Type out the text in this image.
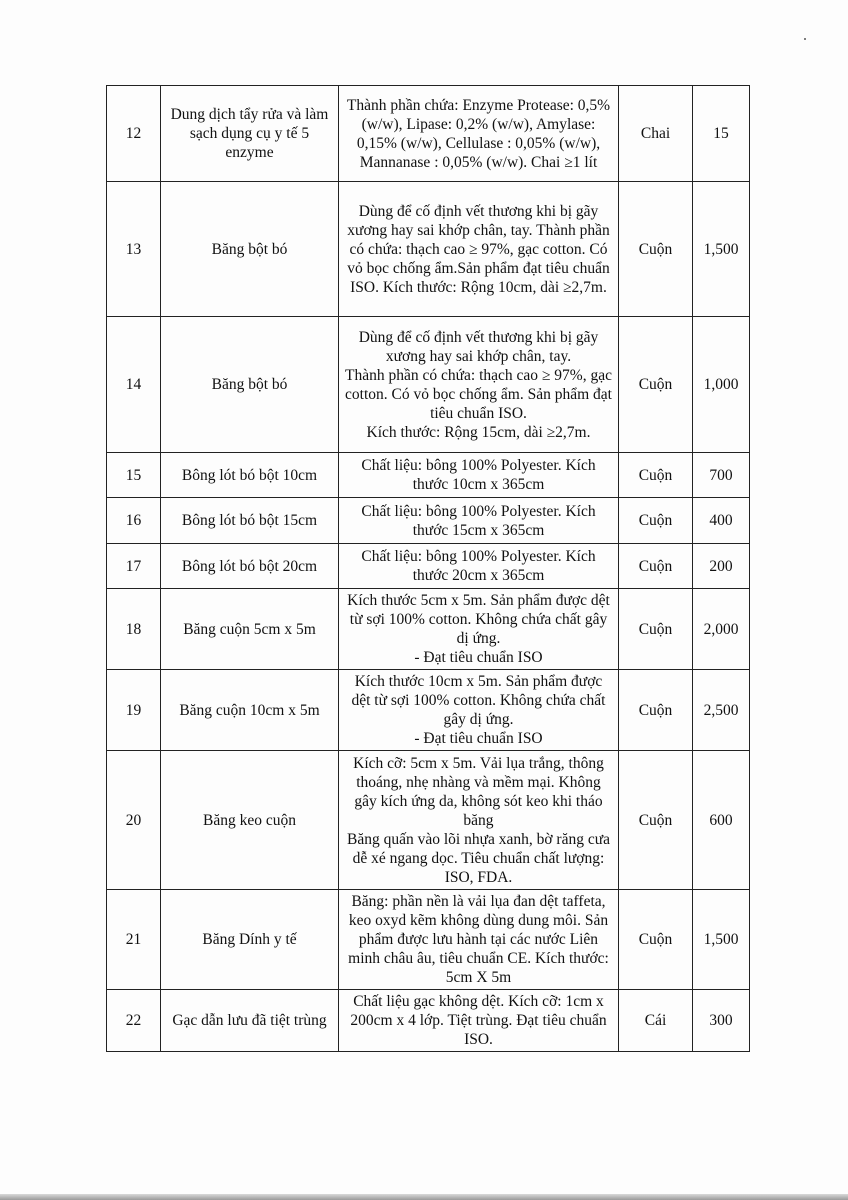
12	Dung dịch tẩy rửa và làm sạch dụng cụ y tế 5 enzyme	Thành phần chứa: Enzyme Protease: 0,5% (w/w), Lipase: 0,2% (w/w), Amylase: 0,15% (w/w), Cellulase : 0,05% (w/w), Mannanase : 0,05% (w/w). Chai ≥1 lít	Chai	15
13	Băng bột bó	Dùng để cố định vết thương khi bị gãy xương hay sai khớp chân, tay. Thành phần có chứa: thạch cao ≥ 97%, gạc cotton. Có vỏ bọc chống ẩm.Sản phẩm đạt tiêu chuẩn ISO. Kích thước: Rộng 10cm, dài ≥2,7m.	Cuộn	1,500
14	Băng bột bó	Dùng để cố định vết thương khi bị gãy xương hay sai khớp chân, tay.
Thành phần có chứa: thạch cao ≥ 97%, gạc cotton. Có vỏ bọc chống ẩm. Sản phẩm đạt tiêu chuẩn ISO.
Kích thước: Rộng 15cm, dài ≥2,7m.	Cuộn	1,000
15	Bông lót bó bột 10cm	Chất liệu: bông 100% Polyester. Kích thước 10cm x 365cm	Cuộn	700
16	Bông lót bó bột 15cm	Chất liệu: bông 100% Polyester. Kích thước 15cm x 365cm	Cuộn	400
17	Bông lót bó bột 20cm	Chất liệu: bông 100% Polyester. Kích thước 20cm x 365cm	Cuộn	200
18	Băng cuộn 5cm x 5m	Kích thước 5cm x 5m. Sản phẩm được dệt từ sợi 100% cotton. Không chứa chất gây dị ứng.
- Đạt tiêu chuẩn ISO	Cuộn	2,000
19	Băng cuộn 10cm x 5m	Kích thước 10cm x 5m. Sản phẩm được dệt từ sợi 100% cotton. Không chứa chất gây dị ứng.
- Đạt tiêu chuẩn ISO	Cuộn	2,500
20	Băng keo cuộn	Kích cỡ: 5cm x 5m. Vải lụa trắng, thông thoáng, nhẹ nhàng và mềm mại. Không gây kích ứng da, không sót keo khi tháo băng
Băng quấn vào lõi nhựa xanh, bờ răng cưa dễ xé ngang dọc. Tiêu chuẩn chất lượng: ISO, FDA.	Cuộn	600
21	Băng Dính y tế	Băng: phần nền là vải lụa đan dệt taffeta, keo oxyd kẽm không dùng dung môi. Sản phẩm được lưu hành tại các nước Liên minh châu âu, tiêu chuẩn CE. Kích thước: 5cm X 5m	Cuộn	1,500
22	Gạc dẫn lưu đã tiệt trùng	Chất liệu gạc không dệt. Kích cỡ: 1cm x 200cm x 4 lớp. Tiệt trùng. Đạt tiêu chuẩn ISO.	Cái	300
